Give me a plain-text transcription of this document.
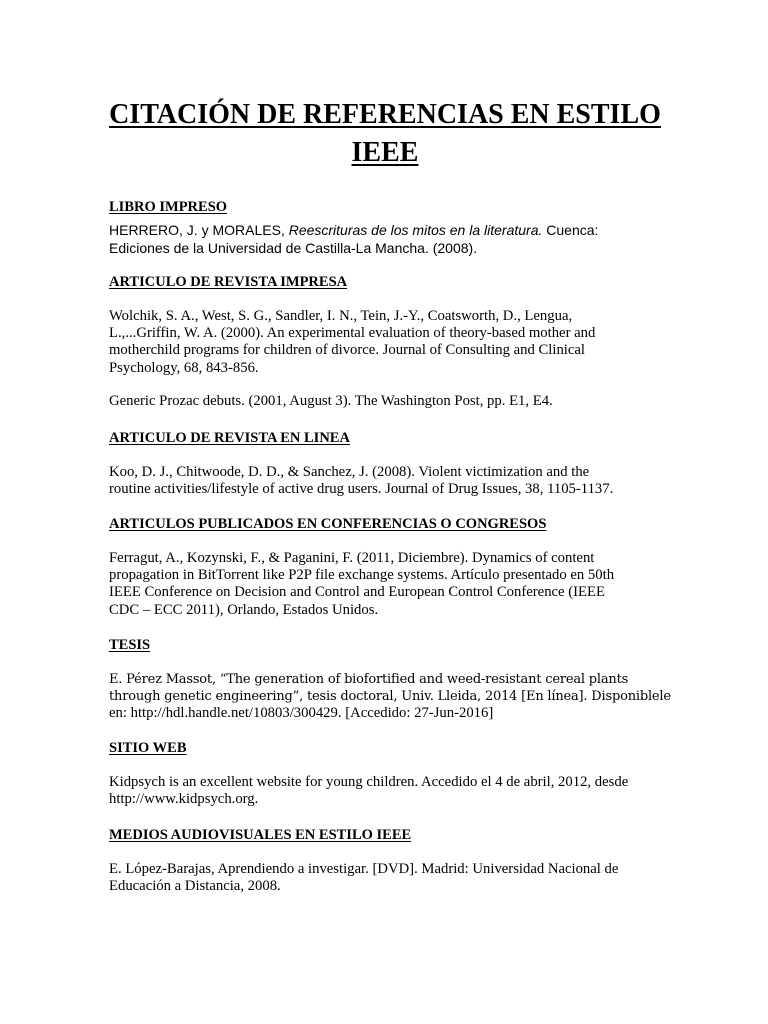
CITACIÓN DE REFERENCIAS EN ESTILO
IEEE
LIBRO IMPRESO

HERRERO, J. y MORALES, Reescrituras de los mitos en la literatura. Cuenca:
Ediciones de la Universidad de Castilla-La Mancha. (2008).

ARTICULO DE REVISTA IMPRESA

Wolchik, S. A., West, S. G., Sandler, I. N., Tein, J.-Y., Coatsworth, D., Lengua,
L.,...Griffin, W. A. (2000). An experimental evaluation of theory-based mother and
motherchild programs for children of divorce. Journal of Consulting and Clinical
Psychology, 68, 843-856.

Generic Prozac debuts. (2001, August 3). The Washington Post, pp. E1, E4.

ARTICULO DE REVISTA EN LINEA

Koo, D. J., Chitwoode, D. D., & Sanchez, J. (2008). Violent victimization and the
routine activities/lifestyle of active drug users. Journal of Drug Issues, 38, 1105-1137.

ARTICULOS PUBLICADOS EN CONFERENCIAS O CONGRESOS

Ferragut, A., Kozynski, F., & Paganini, F. (2011, Diciembre). Dynamics of content
propagation in BitTorrent like P2P file exchange systems. Artículo presentado en 50th
IEEE Conference on Decision and Control and European Control Conference (IEEE
CDC – ECC 2011), Orlando, Estados Unidos.

TESIS

E. Pérez Massot, “The generation of biofortified and weed-resistant cereal plants
through genetic engineering”, tesis doctoral, Univ. Lleida, 2014 [En línea]. Disponiblele
en: http://hdl.handle.net/10803/300429. [Accedido: 27-Jun-2016]

SITIO WEB

Kidpsych is an excellent website for young children. Accedido el 4 de abril, 2012, desde
http://www.kidpsych.org.

MEDIOS AUDIOVISUALES EN ESTILO IEEE

E. López-Barajas, Aprendiendo a investigar. [DVD]. Madrid: Universidad Nacional de
Educación a Distancia, 2008.
